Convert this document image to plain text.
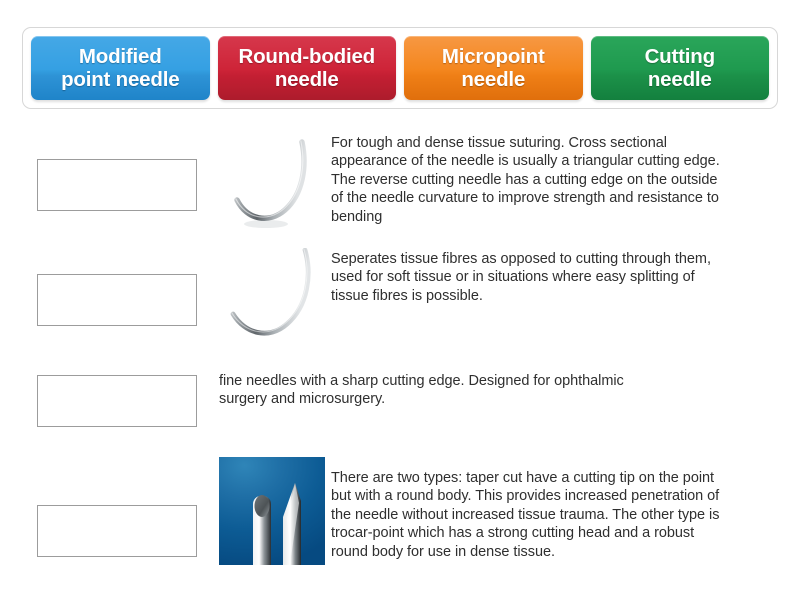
Modified
point needle
Round-bodied
needle
Micropoint
needle
Cutting
needle
For tough and dense tissue suturing. Cross sectional appearance of the needle is usually a triangular cutting edge. The reverse cutting needle has a cutting edge on the outside of the needle curvature to improve strength and resistance to bending
Seperates tissue fibres as opposed to cutting through them, used for soft tissue or in situations where easy splitting of tissue fibres is possible.
fine needles with a sharp cutting edge. Designed for ophthalmic surgery and microsurgery.
There are two types: taper cut have a cutting tip on the point but with a round body. This provides increased penetration of the needle without increased tissue trauma. The other type is trocar-point which has a strong cutting head and a robust round body for use in dense tissue.
